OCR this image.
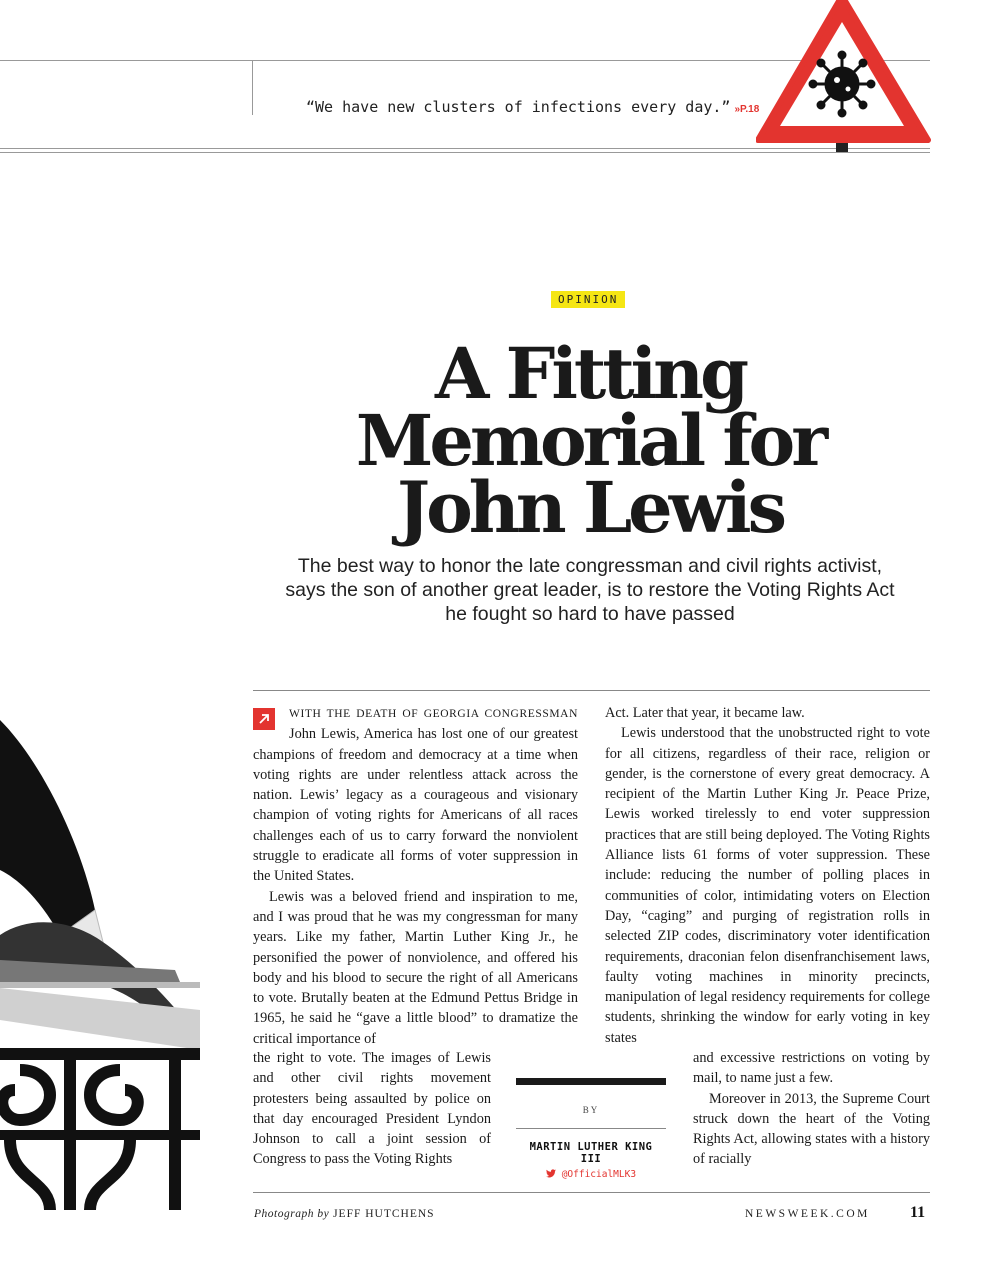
“We have new clusters of infections every day.” »P.18
OPINION
A Fitting
Memorial for
John Lewis

The best way to honor the late congressman and civil rights activist, says the son of another great leader, is to restore the Voting Rights Act he fought so hard to have passed

WITH THE DEATH OF GEORGIA CONGRESSMAN John Lewis, America has lost one of our greatest champions of freedom and democracy at a time when voting rights are under relentless attack across the nation. Lewis’ legacy as a courageous and visionary champion of voting rights for Americans of all races challenges each of us to carry forward the nonviolent struggle to eradicate all forms of voter suppression in the United States.

Lewis was a beloved friend and inspiration to me, and I was proud that he was my congressman for many years. Like my father, Martin Luther King Jr., he personified the power of nonviolence, and offered his body and his blood to secure the right of all Americans to vote. Brutally beaten at the Edmund Pettus Bridge in 1965, he said he “gave a little blood” to dramatize the critical importance of

Act. Later that year, it became law.

Lewis understood that the unobstructed right to vote for all citizens, regardless of their race, religion or gender, is the cornerstone of every great democracy. A recipient of the Martin Luther King Jr. Peace Prize, Lewis worked tirelessly to end voter suppression practices that are still being deployed. The Voting Rights Alliance lists 61 forms of voter suppression. These include: reducing the number of polling places in communities of color, intimidating voters on Election Day, “caging” and purging of registration rolls in selected ZIP codes, discriminatory voter identification requirements, draconian felon disenfranchisement laws, faulty voting machines in minority precincts, manipulation of legal residency requirements for college students, shrinking the window for early voting in key states

the right to vote. The images of Lewis and other civil rights movement protesters being assaulted by police on that day encouraged President Lyndon Johnson to call a joint session of Congress to pass the Voting Rights

and excessive restrictions on voting by mail, to name just a few.

Moreover in 2013, the Supreme Court struck down the heart of the Voting Rights Act, allowing states with a history of racially

BY
MARTIN LUTHER KING III
@OfficialMLK3
Photograph by JEFF HUTCHENS	NEWSWEEK.COM	11
